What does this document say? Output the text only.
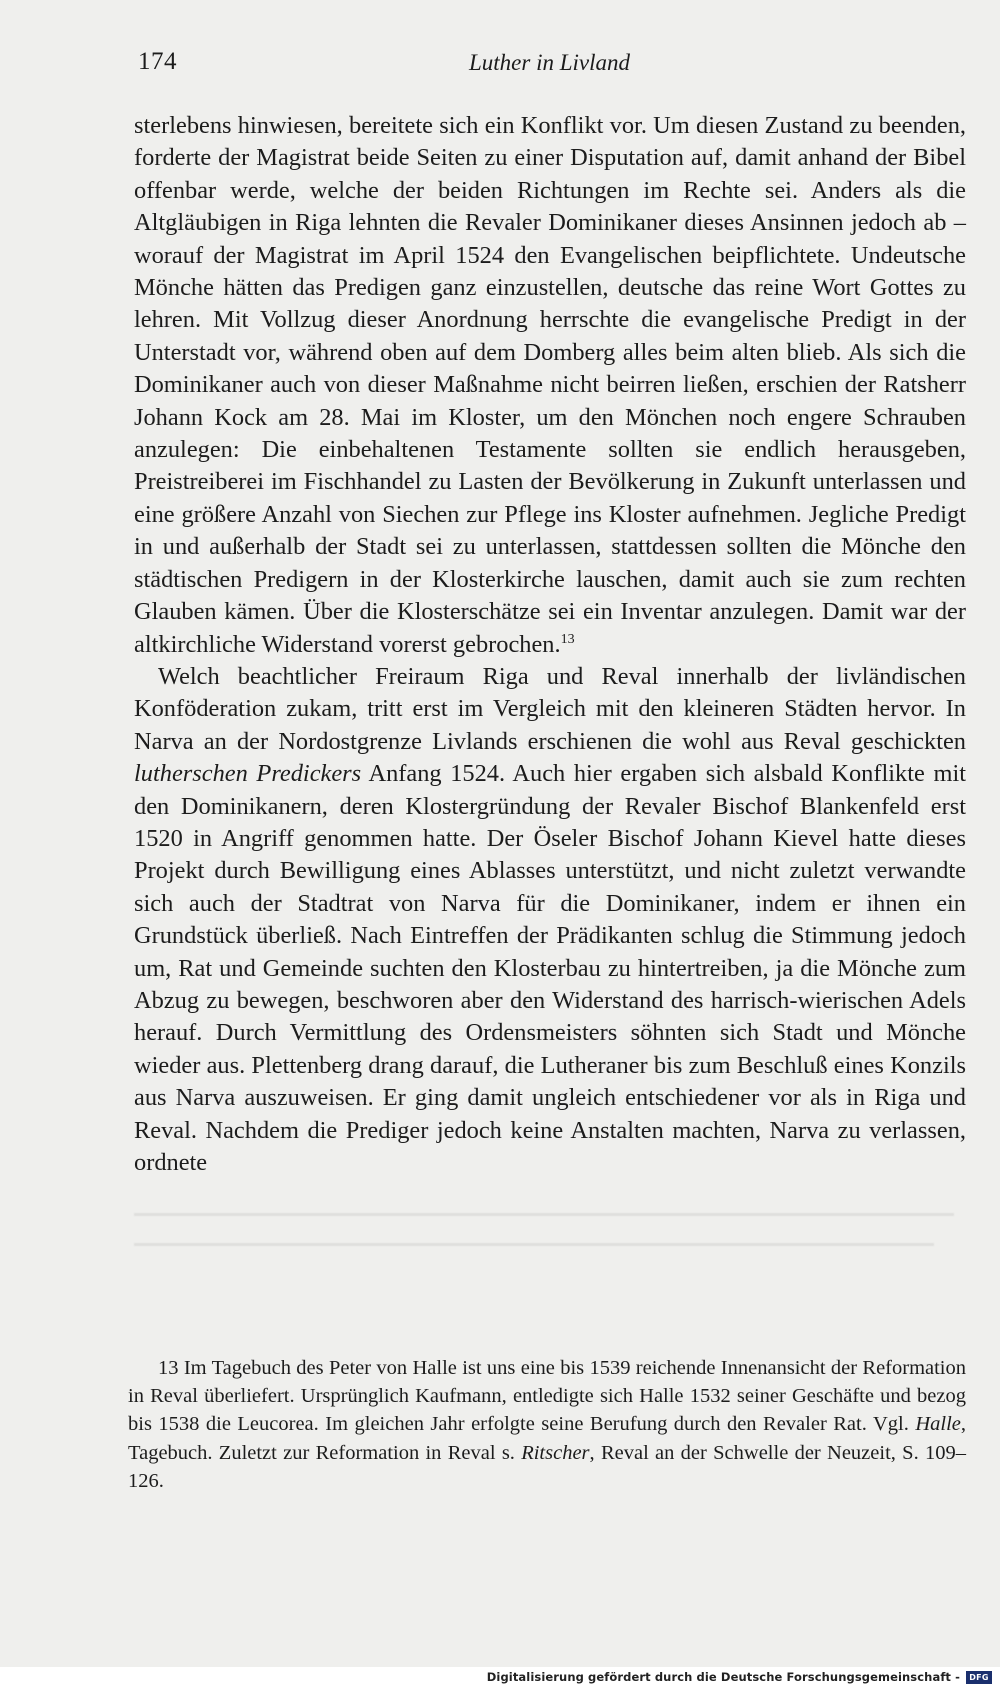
174	Luther in Livland

sterlebens hinwiesen, bereitete sich ein Konflikt vor. Um diesen Zustand zu beenden, forderte der Magistrat beide Seiten zu einer Disputation auf, damit anhand der Bibel offenbar werde, welche der beiden Richtungen im Rechte sei. Anders als die Altgläubigen in Riga lehnten die Revaler Dominikaner dieses Ansinnen jedoch ab – worauf der Magistrat im April 1524 den Evangelischen beipflichtete. Undeutsche Mönche hätten das Predigen ganz einzustellen, deutsche das reine Wort Gottes zu lehren. Mit Vollzug dieser Anordnung herrschte die evangelische Predigt in der Unterstadt vor, während oben auf dem Domberg alles beim alten blieb. Als sich die Dominikaner auch von dieser Maßnahme nicht beirren ließen, erschien der Ratsherr Johann Kock am 28. Mai im Kloster, um den Mönchen noch engere Schrauben anzulegen: Die einbehaltenen Testamente sollten sie endlich herausgeben, Preistreiberei im Fischhandel zu Lasten der Bevölkerung in Zukunft unterlassen und eine größere Anzahl von Siechen zur Pflege ins Kloster aufnehmen. Jegliche Predigt in und außerhalb der Stadt sei zu unterlassen, stattdessen sollten die Mönche den städtischen Predigern in der Klosterkirche lauschen, damit auch sie zum rechten Glauben kämen. Über die Klosterschätze sei ein Inventar anzulegen. Damit war der altkirchliche Widerstand vorerst gebrochen.$^{13}$

Welch beachtlicher Freiraum Riga und Reval innerhalb der livländischen Konföderation zukam, tritt erst im Vergleich mit den kleineren Städten hervor. In Narva an der Nordostgrenze Livlands erschienen die wohl aus Reval geschickten lutherschen Predickers Anfang 1524. Auch hier ergaben sich alsbald Konflikte mit den Dominikanern, deren Klostergründung der Revaler Bischof Blankenfeld erst 1520 in Angriff genommen hatte. Der Öseler Bischof Johann Kievel hatte dieses Projekt durch Bewilligung eines Ablasses unterstützt, und nicht zuletzt verwandte sich auch der Stadtrat von Narva für die Dominikaner, indem er ihnen ein Grundstück überließ. Nach Eintreffen der Prädikanten schlug die Stimmung jedoch um, Rat und Gemeinde suchten den Klosterbau zu hintertreiben, ja die Mönche zum Abzug zu bewegen, beschworen aber den Widerstand des harrisch-wierischen Adels herauf. Durch Vermittlung des Ordensmeisters söhnten sich Stadt und Mönche wieder aus. Plettenberg drang darauf, die Lutheraner bis zum Beschluß eines Konzils aus Narva auszuweisen. Er ging damit ungleich entschiedener vor als in Riga und Reval. Nachdem die Prediger jedoch keine Anstalten machten, Narva zu verlassen, ordnete

13 Im Tagebuch des Peter von Halle ist uns eine bis 1539 reichende Innenansicht der Reformation in Reval überliefert. Ursprünglich Kaufmann, entledigte sich Halle 1532 seiner Geschäfte und bezog bis 1538 die Leucorea. Im gleichen Jahr erfolgte seine Berufung durch den Revaler Rat. Vgl. Halle, Tagebuch. Zuletzt zur Reformation in Reval s. Ritscher, Reval an der Schwelle der Neuzeit, S. 109–126.

Digitalisierung gefördert durch die Deutsche Forschungsgemeinschaft -	DFG
